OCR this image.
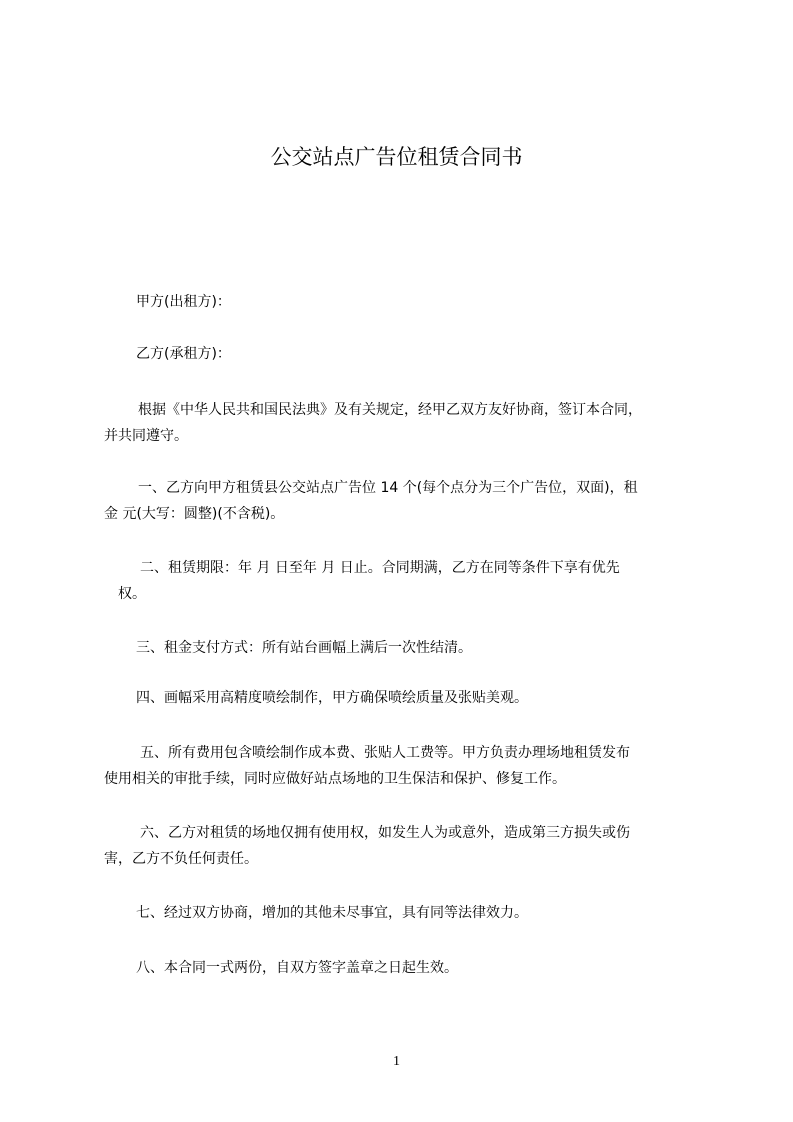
公交站点广告位租赁合同书

甲方(出租方)：

乙方(承租方)：

根据《中华人民共和国民法典》及有关规定，经甲乙双方友好协商，签订本合同，
并共同遵守。
一、乙方向甲方租赁县公交站点广告位 14 个(每个点分为三个广告位，双面)，租
金 元(大写：圆整)(不含税)。
二、租赁期限：年 月 日至年 月 日止。合同期满，乙方在同等条件下享有优先
权。
三、租金支付方式：所有站台画幅上满后一次性结清。
四、画幅采用高精度喷绘制作，甲方确保喷绘质量及张贴美观。
五、所有费用包含喷绘制作成本费、张贴人工费等。甲方负责办理场地租赁发布
使用相关的审批手续，同时应做好站点场地的卫生保洁和保护、修复工作。
六、乙方对租赁的场地仅拥有使用权，如发生人为或意外，造成第三方损失或伤
害，乙方不负任何责任。
七、经过双方协商，增加的其他未尽事宜，具有同等法律效力。
八、本合同一式两份，自双方签字盖章之日起生效。
1
